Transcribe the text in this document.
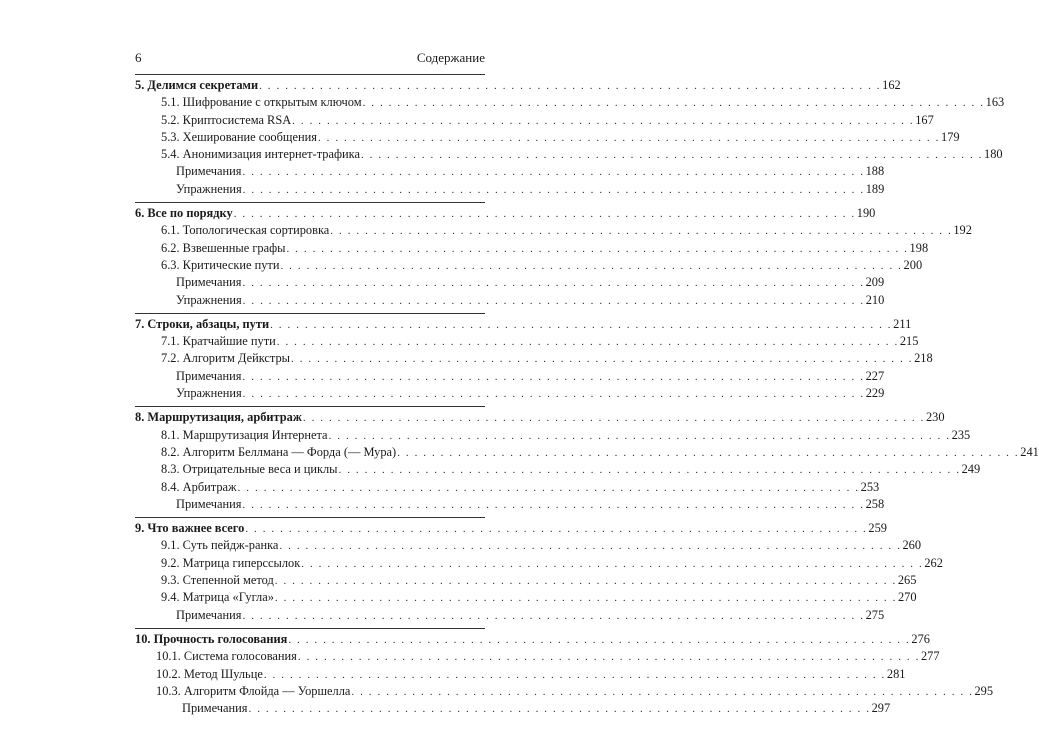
6	Содержание
5. Делимся секретами . . . . . . . . . . . . . . . . . . . . . . . . . . . . . . . . . . . . . . . . . . . . . . . . . . . . . . . . . . . . . . . . . . . . . . . . 162
5.1. Шифрование с открытым ключом . . . . . . . . . . . . . . . . . . . . . . . . . . . . . . . . . . . . . . . . . . . . . . . . . . . . . . . . . . . . . . . . . . . . . . . . 163
5.2. Криптосистема RSA . . . . . . . . . . . . . . . . . . . . . . . . . . . . . . . . . . . . . . . . . . . . . . . . . . . . . . . . . . . . . . . . . . . . . . . . 167
5.3. Хеширование сообщения . . . . . . . . . . . . . . . . . . . . . . . . . . . . . . . . . . . . . . . . . . . . . . . . . . . . . . . . . . . . . . . . . . . . . . . . 179
5.4. Анонимизация интернет-трафика . . . . . . . . . . . . . . . . . . . . . . . . . . . . . . . . . . . . . . . . . . . . . . . . . . . . . . . . . . . . . . . . . . . . . . . . 180
Примечания . . . . . . . . . . . . . . . . . . . . . . . . . . . . . . . . . . . . . . . . . . . . . . . . . . . . . . . . . . . . . . . . . . . . . . . . 188
Упражнения . . . . . . . . . . . . . . . . . . . . . . . . . . . . . . . . . . . . . . . . . . . . . . . . . . . . . . . . . . . . . . . . . . . . . . . . 189
6. Все по порядку . . . . . . . . . . . . . . . . . . . . . . . . . . . . . . . . . . . . . . . . . . . . . . . . . . . . . . . . . . . . . . . . . . . . . . . . 190
6.1. Топологическая сортировка . . . . . . . . . . . . . . . . . . . . . . . . . . . . . . . . . . . . . . . . . . . . . . . . . . . . . . . . . . . . . . . . . . . . . . . . 192
6.2. Взвешенные графы . . . . . . . . . . . . . . . . . . . . . . . . . . . . . . . . . . . . . . . . . . . . . . . . . . . . . . . . . . . . . . . . . . . . . . . . 198
6.3. Критические пути . . . . . . . . . . . . . . . . . . . . . . . . . . . . . . . . . . . . . . . . . . . . . . . . . . . . . . . . . . . . . . . . . . . . . . . . 200
Примечания . . . . . . . . . . . . . . . . . . . . . . . . . . . . . . . . . . . . . . . . . . . . . . . . . . . . . . . . . . . . . . . . . . . . . . . . 209
Упражнения . . . . . . . . . . . . . . . . . . . . . . . . . . . . . . . . . . . . . . . . . . . . . . . . . . . . . . . . . . . . . . . . . . . . . . . . 210
7. Строки, абзацы, пути . . . . . . . . . . . . . . . . . . . . . . . . . . . . . . . . . . . . . . . . . . . . . . . . . . . . . . . . . . . . . . . . . . . . . . . . 211
7.1. Кратчайшие пути . . . . . . . . . . . . . . . . . . . . . . . . . . . . . . . . . . . . . . . . . . . . . . . . . . . . . . . . . . . . . . . . . . . . . . . . 215
7.2. Алгоритм Дейкстры . . . . . . . . . . . . . . . . . . . . . . . . . . . . . . . . . . . . . . . . . . . . . . . . . . . . . . . . . . . . . . . . . . . . . . . . 218
Примечания . . . . . . . . . . . . . . . . . . . . . . . . . . . . . . . . . . . . . . . . . . . . . . . . . . . . . . . . . . . . . . . . . . . . . . . . 227
Упражнения . . . . . . . . . . . . . . . . . . . . . . . . . . . . . . . . . . . . . . . . . . . . . . . . . . . . . . . . . . . . . . . . . . . . . . . . 229
8. Маршрутизация, арбитраж . . . . . . . . . . . . . . . . . . . . . . . . . . . . . . . . . . . . . . . . . . . . . . . . . . . . . . . . . . . . . . . . . . . . . . . . 230
8.1. Маршрутизация Интернета . . . . . . . . . . . . . . . . . . . . . . . . . . . . . . . . . . . . . . . . . . . . . . . . . . . . . . . . . . . . . . . . . . . . . . . . 235
8.2. Алгоритм Беллмана — Форда (— Мура) . . . . . . . . . . . . . . . . . . . . . . . . . . . . . . . . . . . . . . . . . . . . . . . . . . . . . . . . . . . . . . . . . . . . . . . . 241
8.3. Отрицательные веса и циклы . . . . . . . . . . . . . . . . . . . . . . . . . . . . . . . . . . . . . . . . . . . . . . . . . . . . . . . . . . . . . . . . . . . . . . . . 249
8.4. Арбитраж . . . . . . . . . . . . . . . . . . . . . . . . . . . . . . . . . . . . . . . . . . . . . . . . . . . . . . . . . . . . . . . . . . . . . . . . 253
Примечания . . . . . . . . . . . . . . . . . . . . . . . . . . . . . . . . . . . . . . . . . . . . . . . . . . . . . . . . . . . . . . . . . . . . . . . . 258
9. Что важнее всего . . . . . . . . . . . . . . . . . . . . . . . . . . . . . . . . . . . . . . . . . . . . . . . . . . . . . . . . . . . . . . . . . . . . . . . . 259
9.1. Суть пейдж-ранка . . . . . . . . . . . . . . . . . . . . . . . . . . . . . . . . . . . . . . . . . . . . . . . . . . . . . . . . . . . . . . . . . . . . . . . . 260
9.2. Матрица гиперссылок . . . . . . . . . . . . . . . . . . . . . . . . . . . . . . . . . . . . . . . . . . . . . . . . . . . . . . . . . . . . . . . . . . . . . . . . 262
9.3. Степенной метод . . . . . . . . . . . . . . . . . . . . . . . . . . . . . . . . . . . . . . . . . . . . . . . . . . . . . . . . . . . . . . . . . . . . . . . . 265
9.4. Матрица «Гугла» . . . . . . . . . . . . . . . . . . . . . . . . . . . . . . . . . . . . . . . . . . . . . . . . . . . . . . . . . . . . . . . . . . . . . . . . 270
Примечания . . . . . . . . . . . . . . . . . . . . . . . . . . . . . . . . . . . . . . . . . . . . . . . . . . . . . . . . . . . . . . . . . . . . . . . . 275
10. Прочность голосования . . . . . . . . . . . . . . . . . . . . . . . . . . . . . . . . . . . . . . . . . . . . . . . . . . . . . . . . . . . . . . . . . . . . . . . . 276
10.1. Система голосования . . . . . . . . . . . . . . . . . . . . . . . . . . . . . . . . . . . . . . . . . . . . . . . . . . . . . . . . . . . . . . . . . . . . . . . . 277
10.2. Метод Шульце . . . . . . . . . . . . . . . . . . . . . . . . . . . . . . . . . . . . . . . . . . . . . . . . . . . . . . . . . . . . . . . . . . . . . . . . 281
10.3. Алгоритм Флойда — Уоршелла . . . . . . . . . . . . . . . . . . . . . . . . . . . . . . . . . . . . . . . . . . . . . . . . . . . . . . . . . . . . . . . . . . . . . . . . 295
Примечания . . . . . . . . . . . . . . . . . . . . . . . . . . . . . . . . . . . . . . . . . . . . . . . . . . . . . . . . . . . . . . . . . . . . . . . . 297
